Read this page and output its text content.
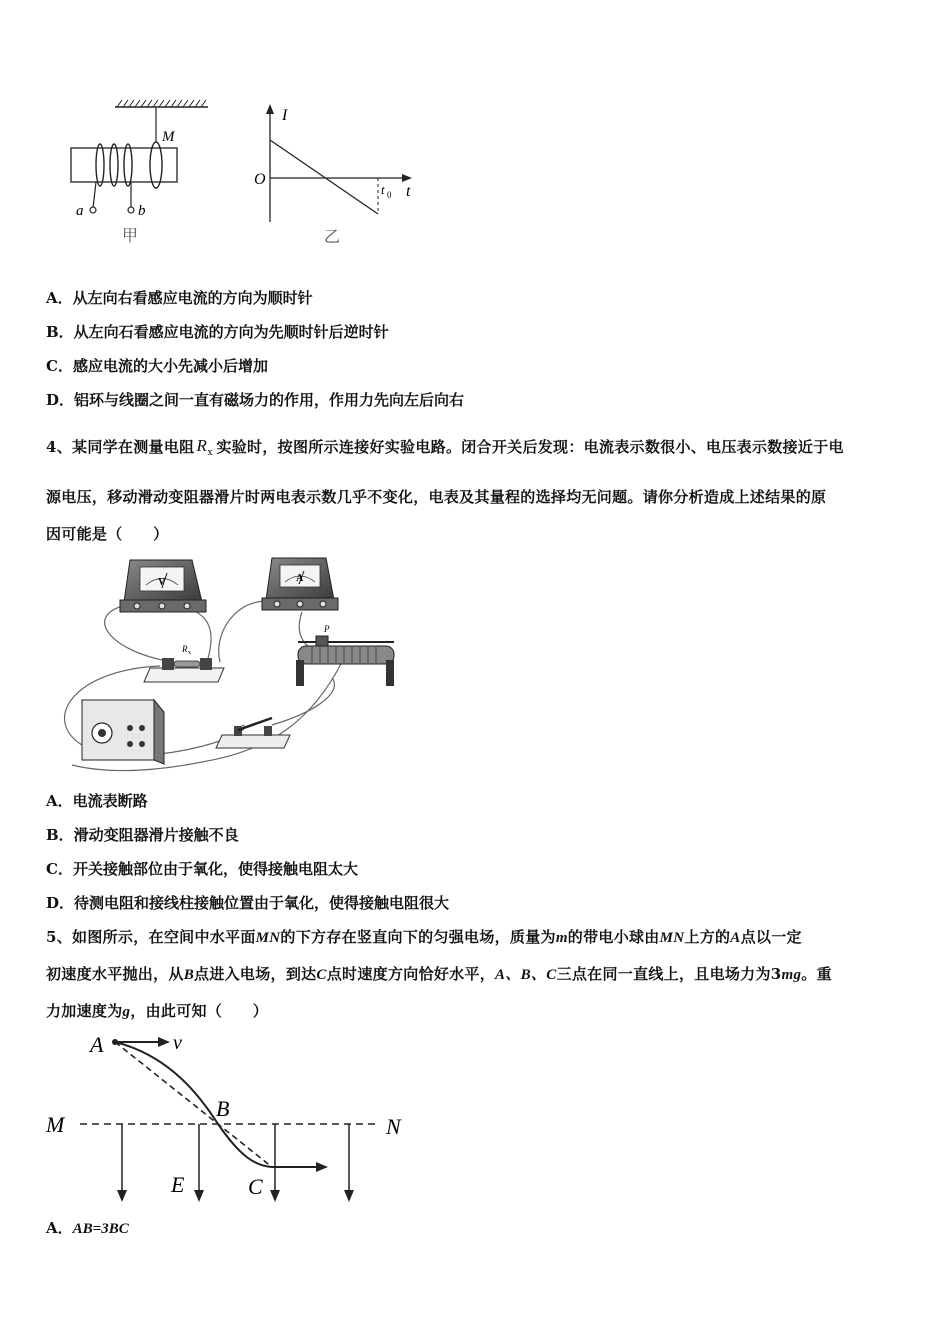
M
a	b
甲
I
O
t
t 0
乙
A．从左向右看感应电流的方向为顺时针
B．从左向石看感应电流的方向为先顺时针后逆时针
C．感应电流的大小先减小后增加
D．铝环与线圈之间一直有磁场力的作用，作用力先向左后向右
4、某同学在测量电阻 R x 实验时，按图所示连接好实验电路。闭合开关后发现：电流表示数很小、电压表示数接近于电
源电压，移动滑动变阻器滑片时两电表示数几乎不变化，电表及其量程的选择均无问题。请你分析造成上述结果的原
因可能是（　　）
V	A
R x
P
A．电流表断路
B．滑动变阻器滑片接触不良
C．开关接触部位由于氧化，使得接触电阻太大
D．待测电阻和接线柱接触位置由于氧化，使得接触电阻很大
5、如图所示，在空间中水平面MN的下方存在竖直向下的匀强电场，质量为m的带电小球由MN上方的A点以一定
初速度水平抛出，从B点进入电场，到达C点时速度方向恰好水平，A、B、C三点在同一直线上，且电场力为3mg。重
力加速度为g，由此可知（　　）
A	v
B
M	N
E	C
A．AB=3BC
